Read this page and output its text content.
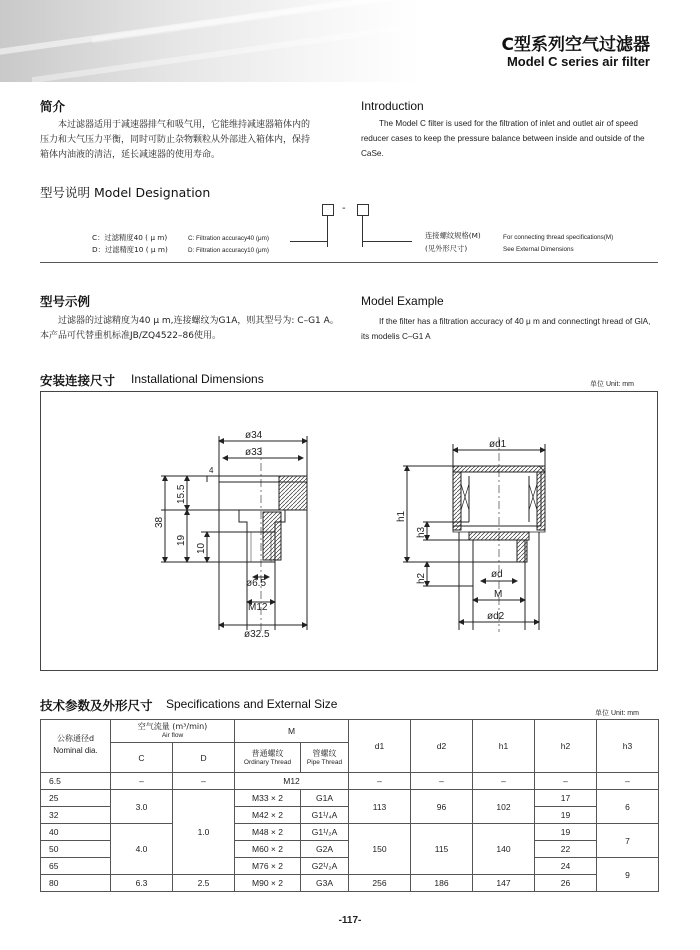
C型系列空气过滤器
Model C series air filter
简介
本过滤器适用于减速器排气和吸气用，它能维持减速器箱体内的
压力和大气压力平衡，同时可防止杂物颗粒从外部进入箱体内，保持
箱体内油液的清洁，延长减速器的使用寿命。
Introduction
The Model C filter is used for the filtration of inlet and outlet air of speed
reducer cases to keep the pressure balance between inside and outside of the
CaSe.
型号说明 Model Designation
-
C：过滤精度40 ( μ m)
D：过滤精度10 ( μ m)
C: Filtration accuracy40 (μm)
D: Filtration accuracy10 (μm)
连接螺纹规格(M)
(见外形尺寸)
For connecting thread specifications(M)
See External Dimensions
型号示例
过滤器的过滤精度为40 μ m,连接螺纹为G1A，则其型号为: C–G1 A。
本产品可代替重机标准JB/ZQ4522–86使用。
Model Example
If the filter has a filtration accuracy of 40 μ m and connectingt hread of GlA,
its modelis C–G1 A
安装连接尺寸 Installational Dimensions	单位 Unit: mm
ø34
ø33
4
15.5
38
19
10
ø6.5
M12
ø32.5
ød1
h1
h3
h2	ød
M
ød2
技术参数及外形尺寸 Specifications and External Size
单位 Unit: mm
公称通径d
Nominal dia.	空气流量 (m³/min)
Air flow		M		d1	d2	h1	h2	h3
	C	D	普通螺纹
Ordinary Thread	管螺纹
Pipe Thread					

6.5	–	–	M12		–	–	–	–	–
25	3.0	1.0	M33 × 2	G1A	113	96	102	17	6
32			M42 × 2	G1¹/₄A				19	
40	4.0		M48 × 2	G1¹/₂A	150	115	140	19	7
50			M60 × 2	G2A				22	
65			M76 × 2	G2¹/₂A				24	9
80	6.3	2.5	M90 × 2	G3A	256	186	147	26	
-117-
